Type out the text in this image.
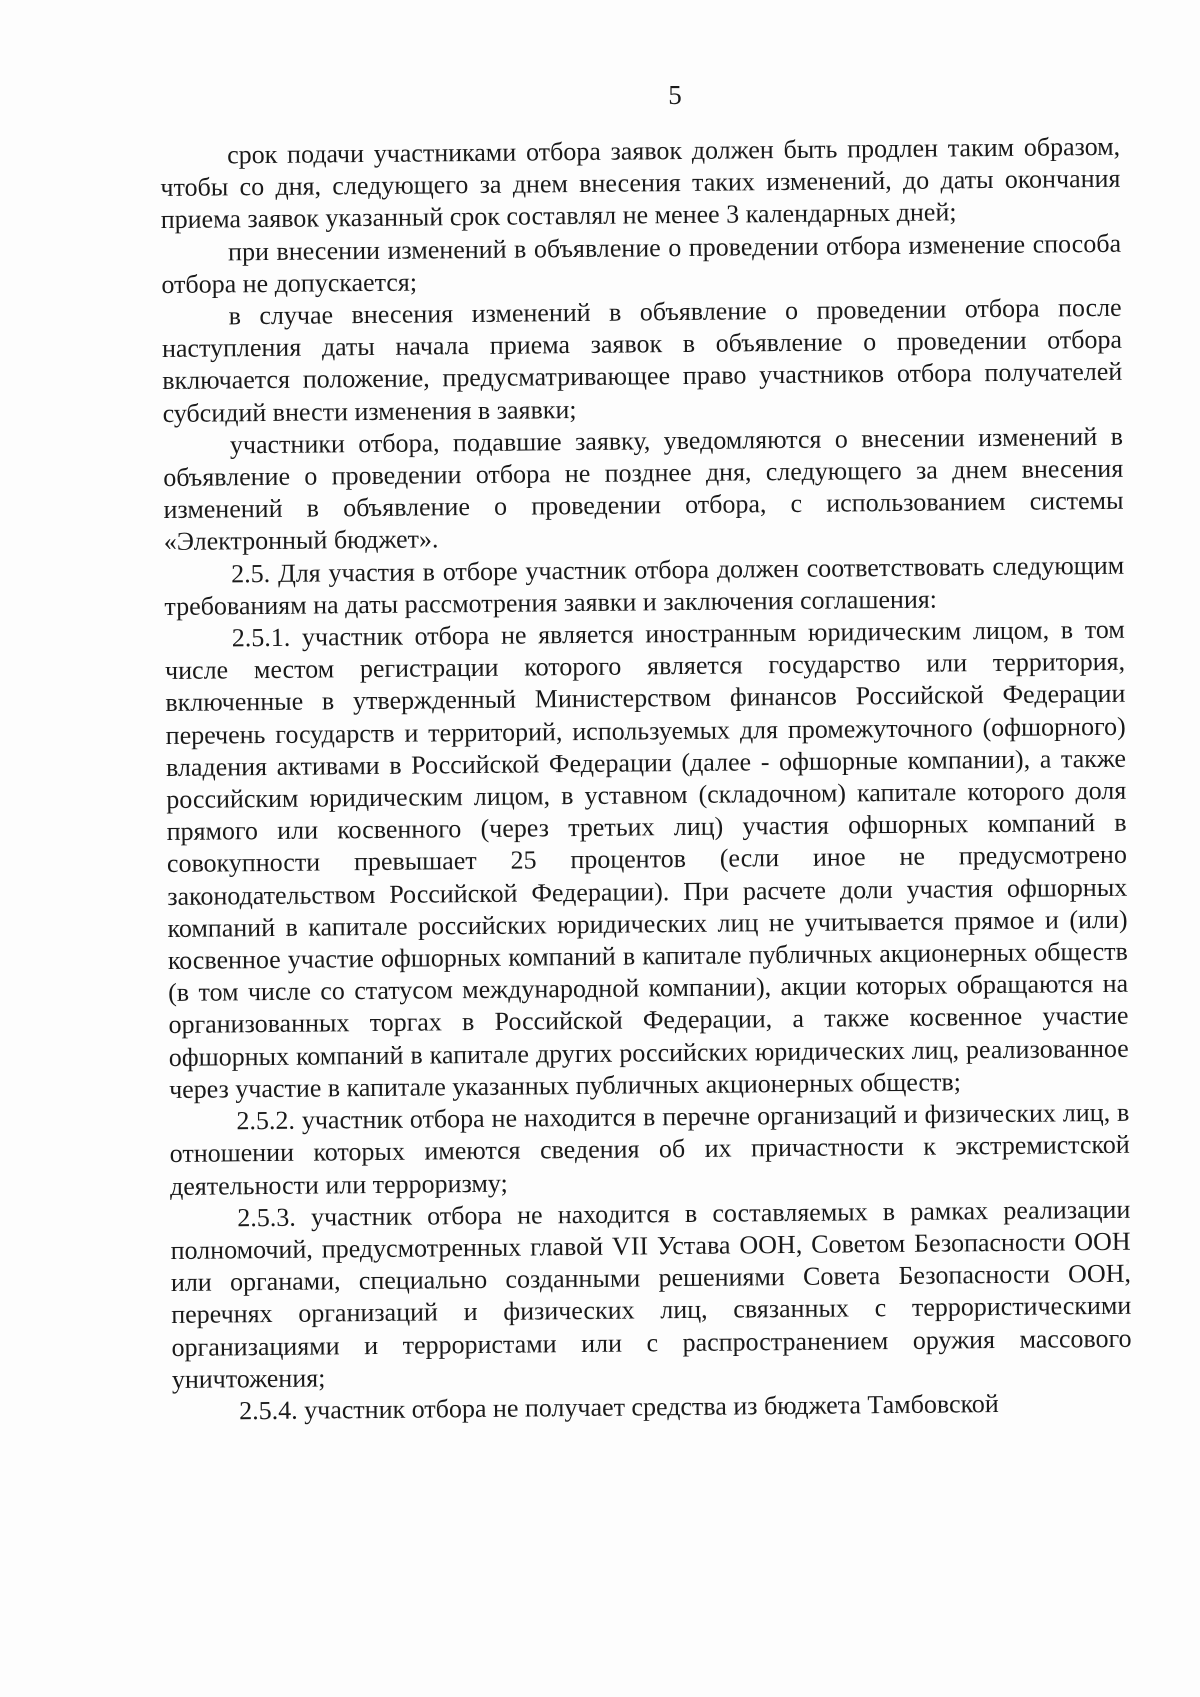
5

срок подачи участниками отбора заявок должен быть продлен таким образом, чтобы со дня, следующего за днем внесения таких изменений, до даты окончания приема заявок указанный срок составлял не менее 3 календарных дней;

при внесении изменений в объявление о проведении отбора изменение способа отбора не допускается;

в случае внесения изменений в объявление о проведении отбора после наступления даты начала приема заявок в объявление о проведении отбора включается положение, предусматривающее право участников отбора получателей субсидий внести изменения в заявки;

участники отбора, подавшие заявку, уведомляются о внесении изменений в объявление о проведении отбора не позднее дня, следующего за днем внесения изменений в объявление о проведении отбора, с использованием системы «Электронный бюджет».

2.5. Для участия в отборе участник отбора должен соответствовать следующим требованиям на даты рассмотрения заявки и заключения соглашения:

2.5.1. участник отбора не является иностранным юридическим лицом, в том числе местом регистрации которого является государство или территория, включенные в утвержденный Министерством финансов Российской Федерации перечень государств и территорий, используемых для промежуточного (офшорного) владения активами в Российской Федерации (далее - офшорные компании), а также российским юридическим лицом, в уставном (складочном) капитале которого доля прямого или косвенного (через третьих лиц) участия офшорных компаний в совокупности превышает 25 процентов (если иное не предусмотрено законодательством Российской Федерации). При расчете доли участия офшорных компаний в капитале российских юридических лиц не учитывается прямое и (или) косвенное участие офшорных компаний в капитале публичных акционерных обществ (в том числе со статусом международной компании), акции которых обращаются на организованных торгах в Российской Федерации, а также косвенное участие офшорных компаний в капитале других российских юридических лиц, реализованное через участие в капитале указанных публичных акционерных обществ;

2.5.2. участник отбора не находится в перечне организаций и физических лиц, в отношении которых имеются сведения об их причастности к экстремистской деятельности или терроризму;

2.5.3. участник отбора не находится в составляемых в рамках реализации полномочий, предусмотренных главой VII Устава ООН, Советом Безопасности ООН или органами, специально созданными решениями Совета Безопасности ООН, перечнях организаций и физических лиц, связанных с террористическими организациями и террористами или с распространением оружия массового уничтожения;

2.5.4. участник отбора не получает средства из бюджета Тамбовской
